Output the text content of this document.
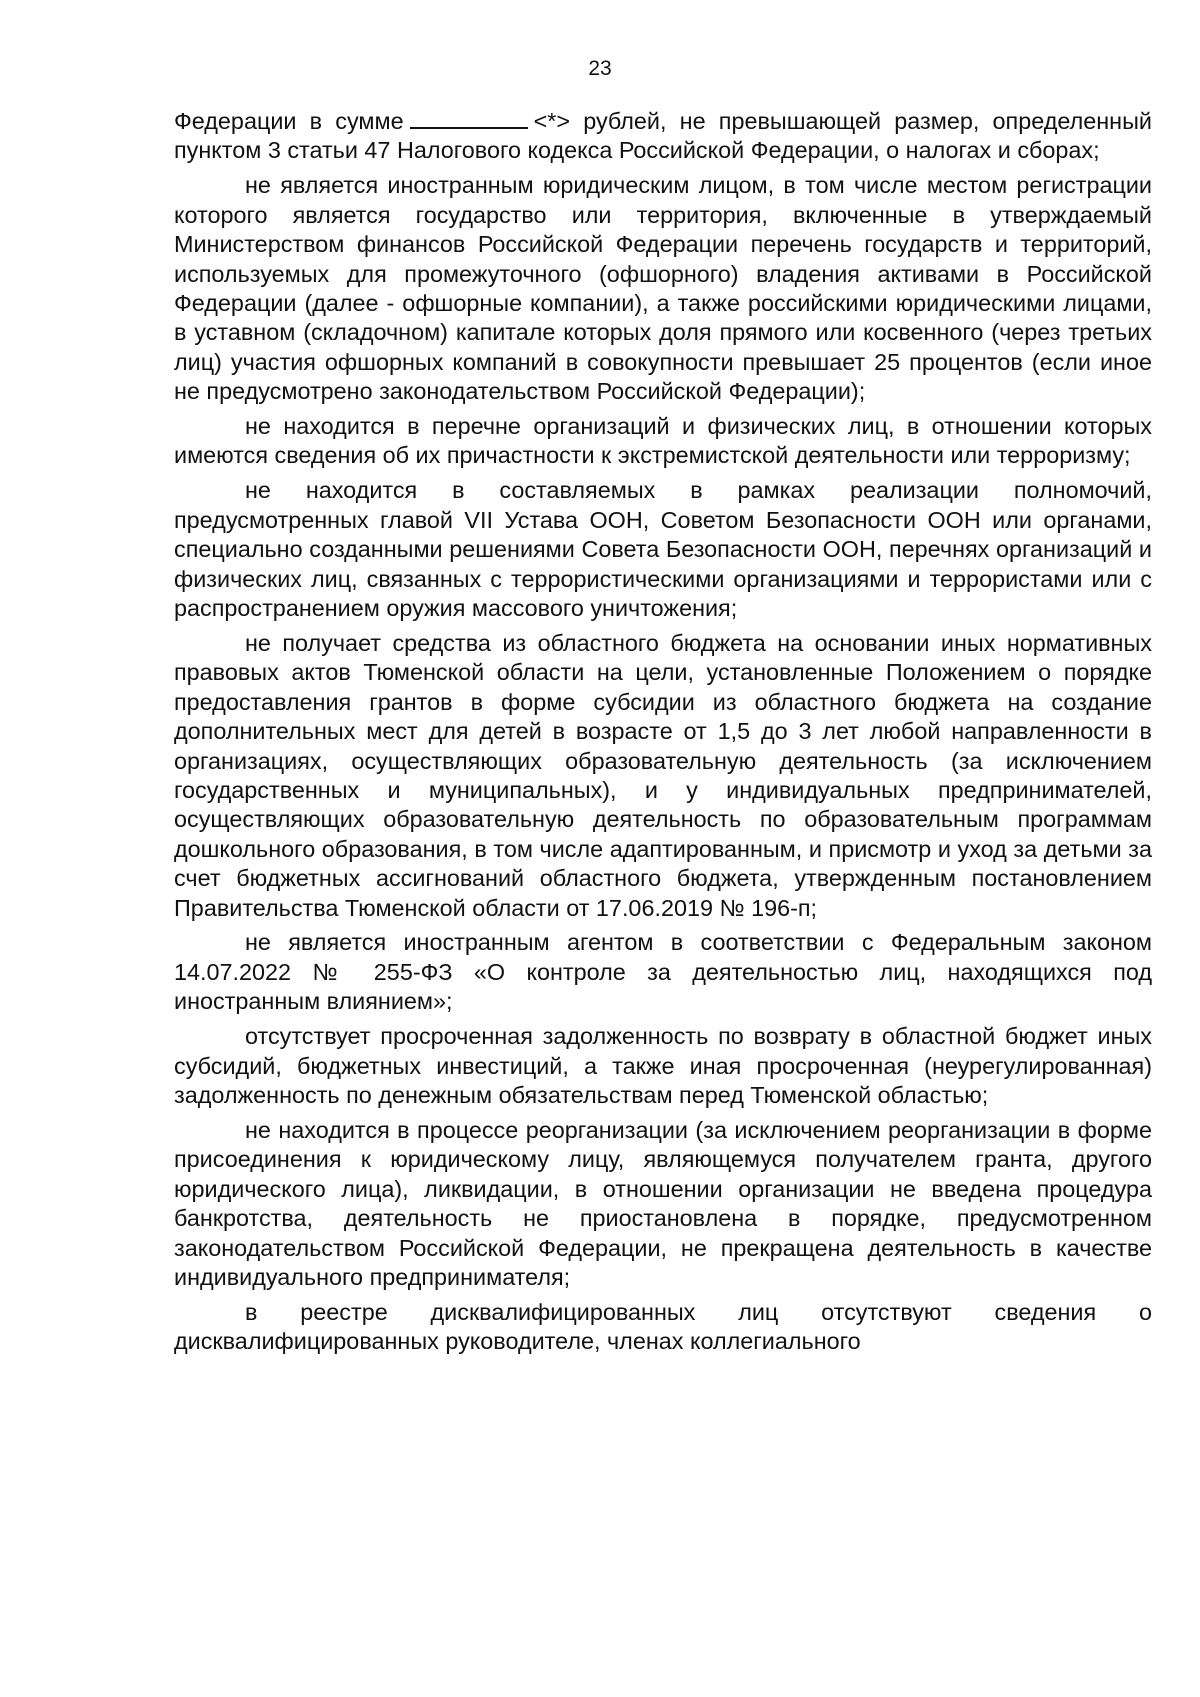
23

Федерации в сумме	<*> рублей, не превышающей размер, определенный пунктом 3 статьи 47 Налогового кодекса Российской Федерации, о налогах и сборах;

не является иностранным юридическим лицом, в том числе местом регистрации которого является государство или территория, включенные в утверждаемый Министерством финансов Российской Федерации перечень государств и территорий, используемых для промежуточного (офшорного) владения активами в Российской Федерации (далее - офшорные компании), а также российскими юридическими лицами, в уставном (складочном) капитале которых доля прямого или косвенного (через третьих лиц) участия офшорных компаний в совокупности превышает 25 процентов (если иное не предусмотрено законодательством Российской Федерации);

не находится в перечне организаций и физических лиц, в отношении которых имеются сведения об их причастности к экстремистской деятельности или терроризму;

не находится в составляемых в рамках реализации полномочий, предусмотренных главой VII Устава ООН, Советом Безопасности ООН или органами, специально созданными решениями Совета Безопасности ООН, перечнях организаций и физических лиц, связанных с террористическими организациями и террористами или с распространением оружия массового уничтожения;

не получает средства из областного бюджета на основании иных нормативных правовых актов Тюменской области на цели, установленные Положением о порядке предоставления грантов в форме субсидии из областного бюджета на создание дополнительных мест для детей в возрасте от 1,5 до 3 лет любой направленности в организациях, осуществляющих образовательную деятельность (за исключением государственных и муниципальных), и у индивидуальных предпринимателей, осуществляющих образовательную деятельность по образовательным программам дошкольного образования, в том числе адаптированным, и присмотр и уход за детьми за счет бюджетных ассигнований областного бюджета, утвержденным постановлением Правительства Тюменской области от 17.06.2019 № 196-п;

не является иностранным агентом в соответствии с Федеральным законом 14.07.2022 № 255-ФЗ «О контроле за деятельностью лиц, находящихся под иностранным влиянием»;

отсутствует просроченная задолженность по возврату в областной бюджет иных субсидий, бюджетных инвестиций, а также иная просроченная (неурегулированная) задолженность по денежным обязательствам перед Тюменской областью;

не находится в процессе реорганизации (за исключением реорганизации в форме присоединения к юридическому лицу, являющемуся получателем гранта, другого юридического лица), ликвидации, в отношении организации не введена процедура банкротства, деятельность не приостановлена в порядке, предусмотренном законодательством Российской Федерации, не прекращена деятельность в качестве индивидуального предпринимателя;

в реестре дисквалифицированных лиц отсутствуют сведения о дисквалифицированных руководителе, членах коллегиального
